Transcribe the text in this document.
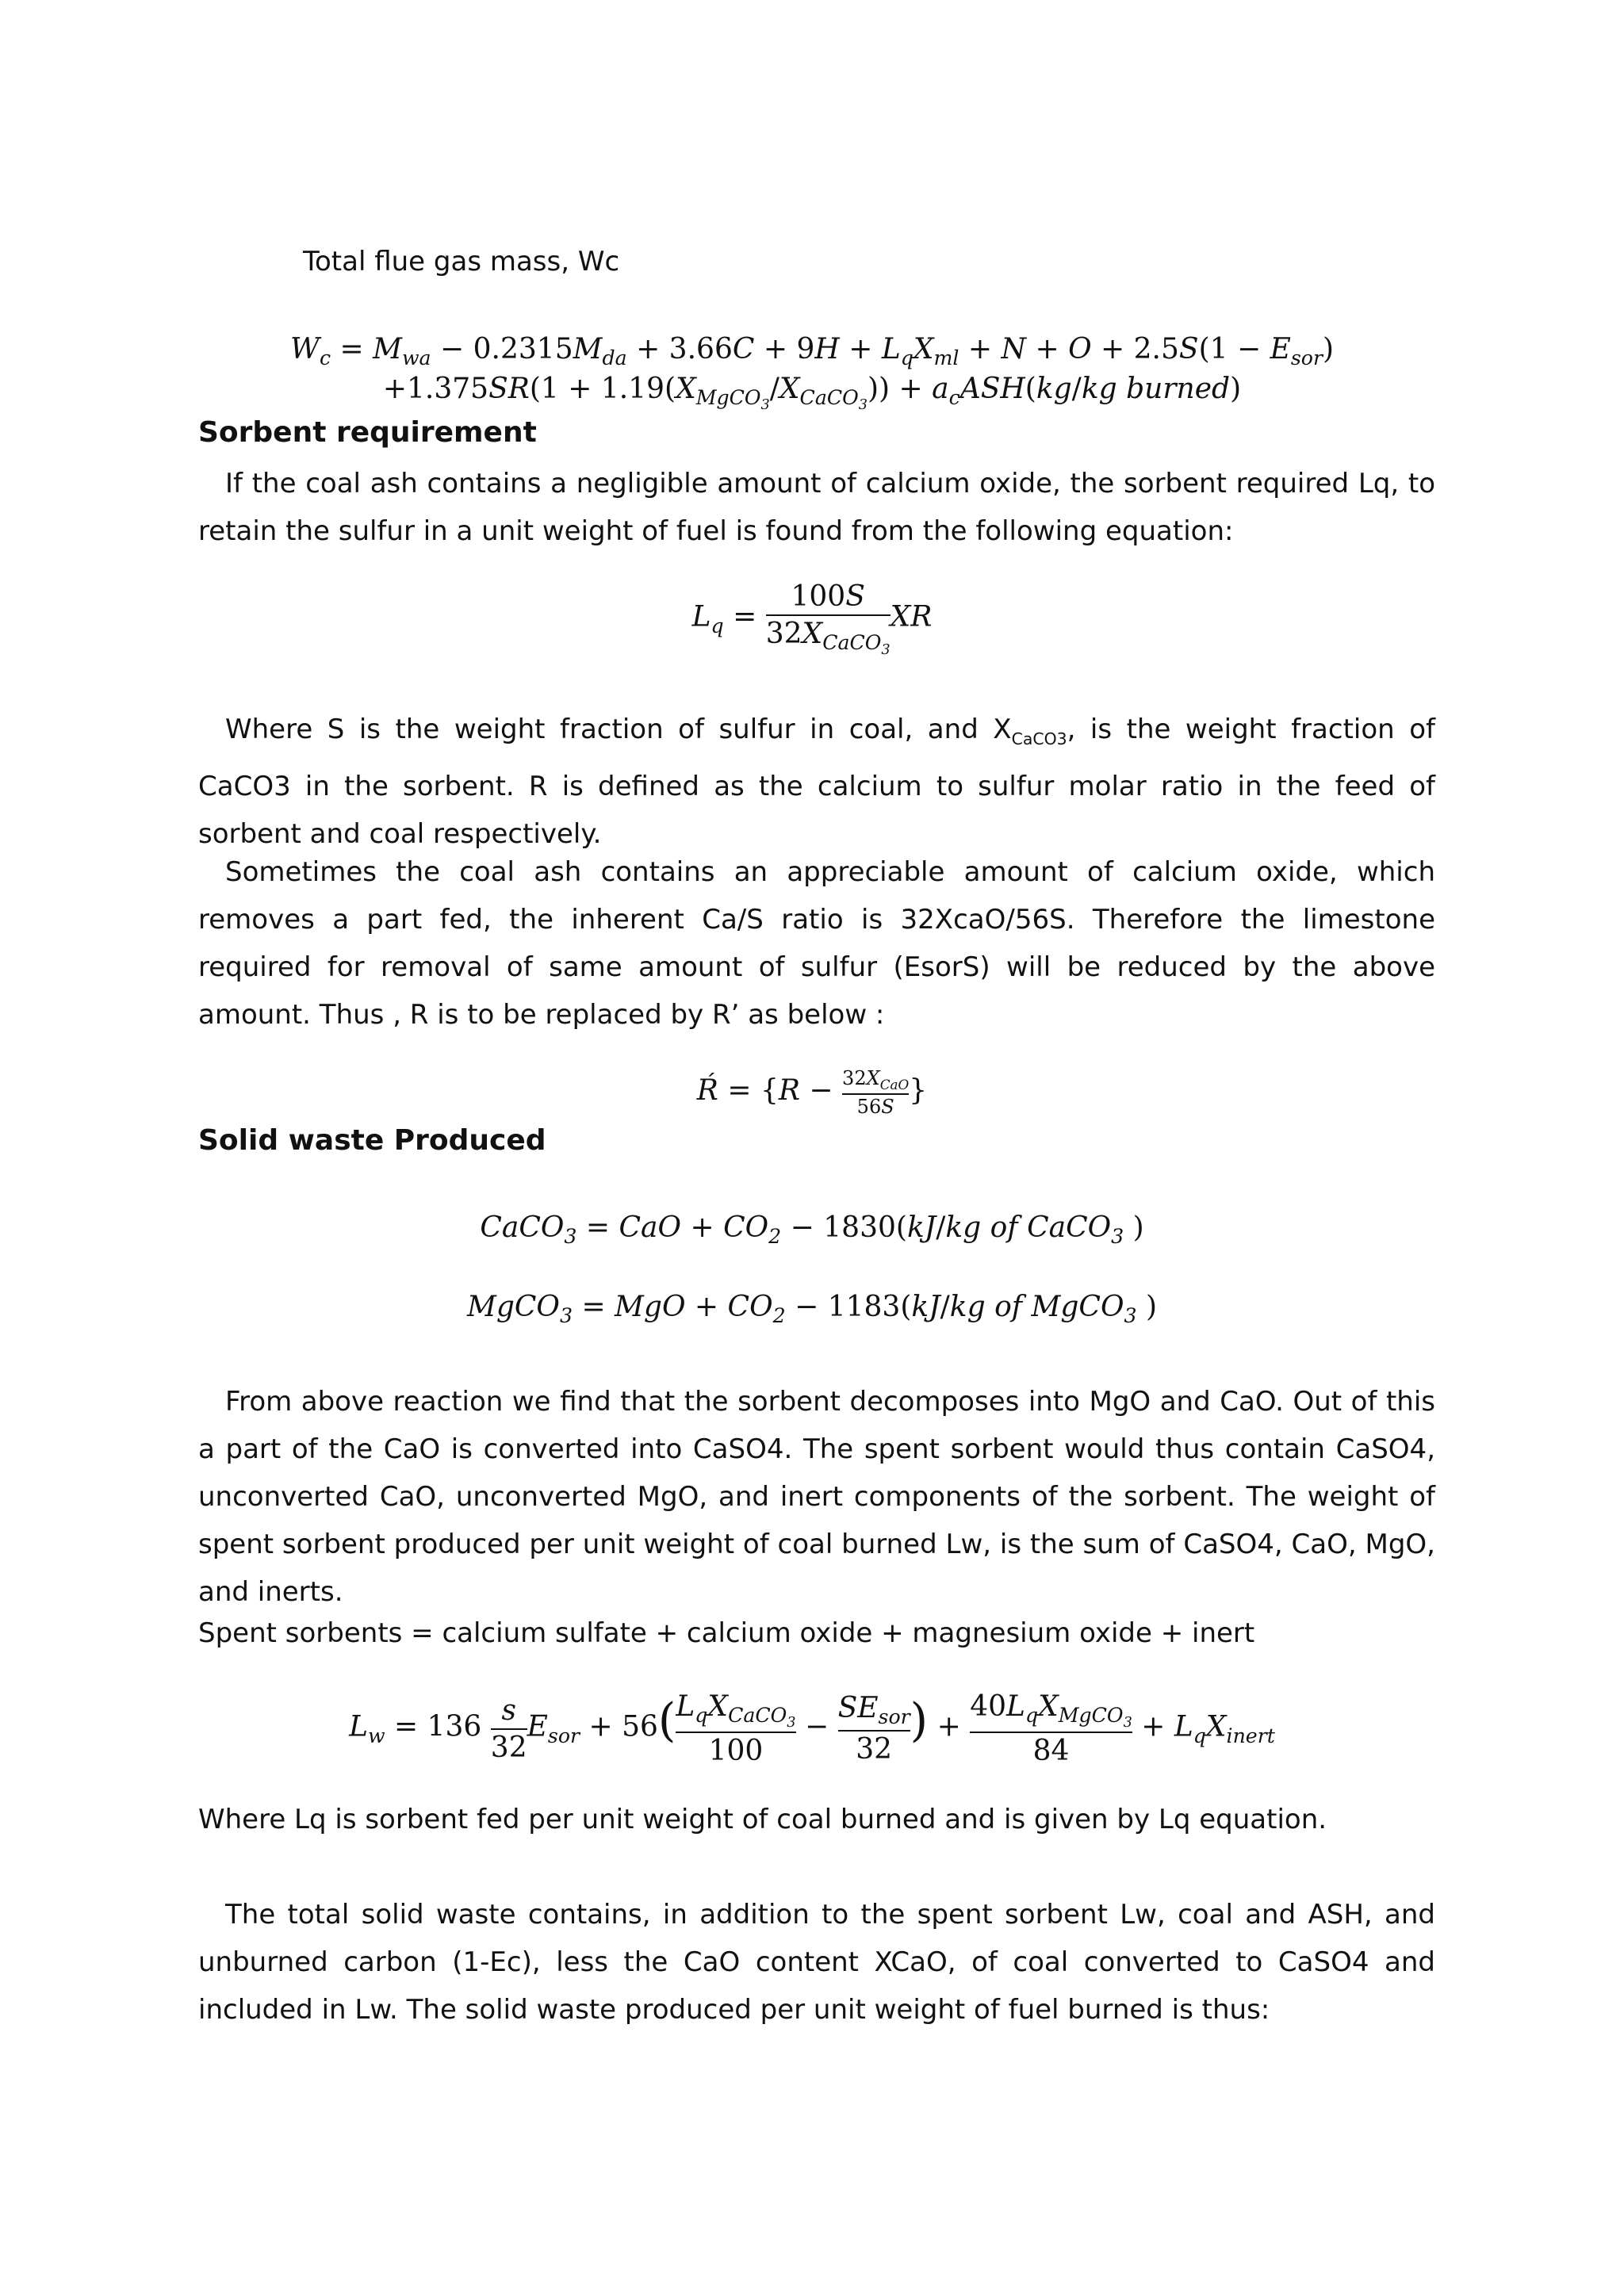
Total flue gas mass, Wc
$W_c = M_{wa} - 0.2315M_{da} + 3.66C + 9H + L_qX_{ml} + N + O + 2.5S(1 - E_{sor})$
$+1.375SR(1 + 1.19(X_{MgCO_3}/X_{CaCO_3})) + a_cASH(kg/kg$ burned)
Sorbent requirement
If the coal ash contains a negligible amount of calcium oxide, the sorbent required Lq, to retain the sulfur in a unit weight of fuel is found from the following equation:
$L_q = \frac{100S}{32X_{CaCO_3}}$ XR
Where S is the weight fraction of sulfur in coal, and $X_{CaCO3}$, is the weight fraction of CaCO3 in the sorbent. R is defined as the calcium to sulfur molar ratio in the feed of sorbent and coal respectively.
Sometimes the coal ash contains an appreciable amount of calcium oxide, which removes a part fed, the inherent Ca/S ratio is 32XcaO/56S. Therefore the limestone required for removal of same amount of sulfur (EsorS) will be reduced by the above amount. Thus , R is to be replaced by R’ as below :
Ŕ = {$R - \frac{32X_{CaO}}{56S}$ }
Solid waste Produced
CaCO$_3$ = CaO + $CO_2 - 1830(kJ/kg$ of CaCO$_3$ )
MgCO$_3$ = MgO + $CO_2 - 1183(kJ/kg$ of MgCO$_3$ )
From above reaction we find that the sorbent decomposes into MgO and CaO. Out of this a part of the CaO is converted into CaSO4. The spent sorbent would thus contain CaSO4, unconverted CaO, unconverted MgO, and inert components of the sorbent. The weight of spent sorbent produced per unit weight of coal burned Lw, is the sum of CaSO4, CaO, MgO, and inerts.
Spent sorbents = calcium sulfate + calcium oxide + magnesium oxide + inert
$L_w = 136 \frac{s}{32} E_{sor} + 56( \frac{L_qX_{CaCO_3}}{100} - \frac{SE_{sor}}{32}$ ) + $\frac{40L_qX_{MgCO_3}}{84} + L_qX_{inert}$
Where Lq is sorbent fed per unit weight of coal burned and is given by Lq equation.
The total solid waste contains, in addition to the spent sorbent Lw, coal and ASH, and unburned carbon (1-Ec), less the CaO content XCaO, of coal converted to CaSO4 and included in Lw. The solid waste produced per unit weight of fuel burned is thus:
